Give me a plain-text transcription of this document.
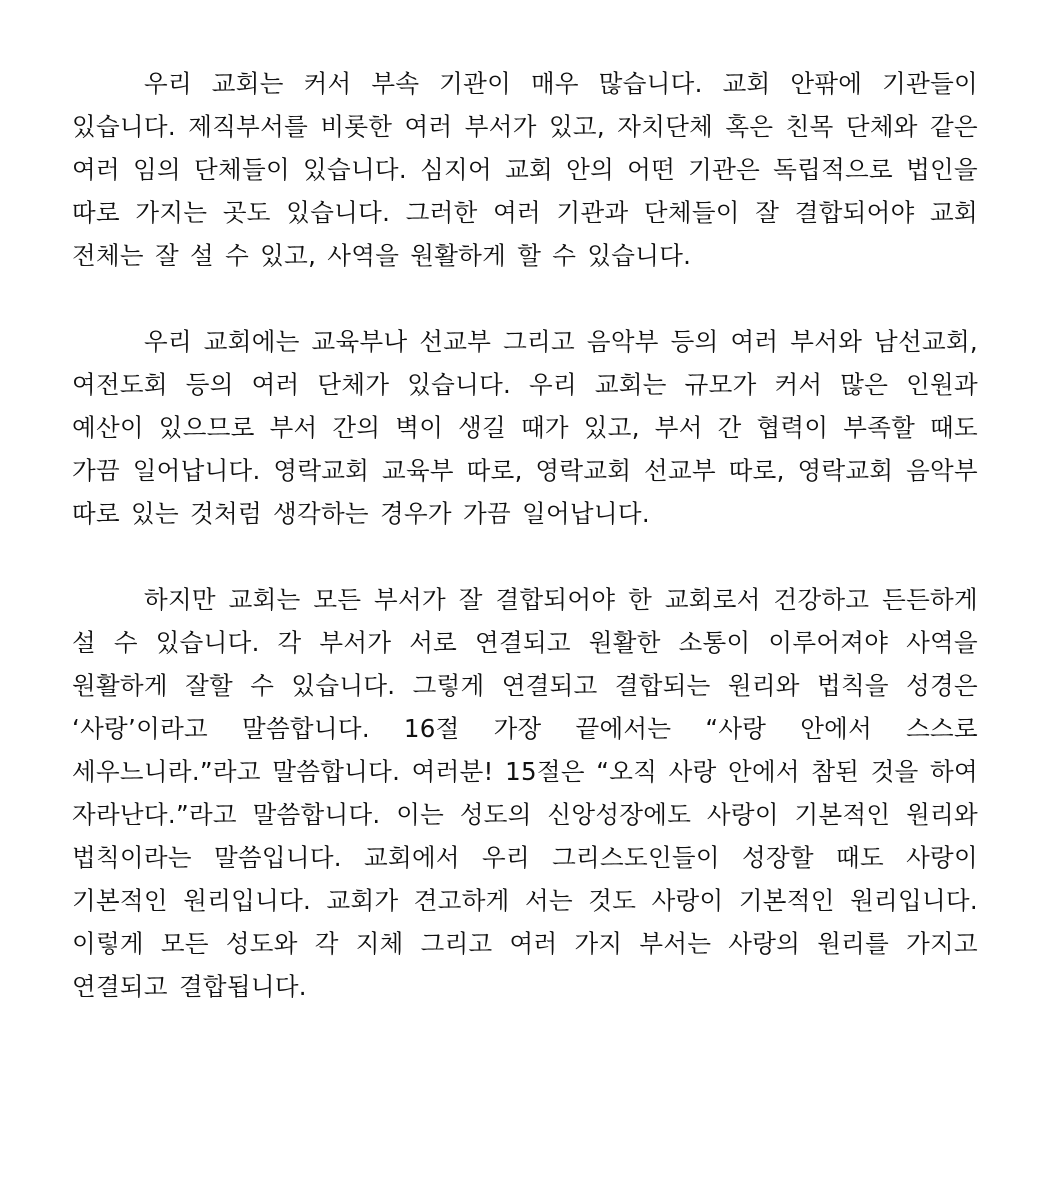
우리 교회는 커서 부속 기관이 매우 많습니다. 교회 안팎에 기관들이 있습니다. 제직부서를 비롯한 여러 부서가 있고, 자치단체 혹은 친목 단체와 같은 여러 임의 단체들이 있습니다. 심지어 교회 안의 어떤 기관은 독립적으로 법인을 따로 가지는 곳도 있습니다. 그러한 여러 기관과 단체들이 잘 결합되어야 교회 전체는 잘 설 수 있고, 사역을 원활하게 할 수 있습니다.

우리 교회에는 교육부나 선교부 그리고 음악부 등의 여러 부서와 남선교회, 여전도회 등의 여러 단체가 있습니다. 우리 교회는 규모가 커서 많은 인원과 예산이 있으므로 부서 간의 벽이 생길 때가 있고, 부서 간 협력이 부족할 때도 가끔 일어납니다. 영락교회 교육부 따로, 영락교회 선교부 따로, 영락교회 음악부 따로 있는 것처럼 생각하는 경우가 가끔 일어납니다.

하지만 교회는 모든 부서가 잘 결합되어야 한 교회로서 건강하고 든든하게 설 수 있습니다. 각 부서가 서로 연결되고 원활한 소통이 이루어져야 사역을 원활하게 잘할 수 있습니다. 그렇게 연결되고 결합되는 원리와 법칙을 성경은 ‘사랑’이라고 말씀합니다. 16절 가장 끝에서는 “사랑 안에서 스스로 세우느니라.”라고 말씀합니다. 여러분! 15절은 “오직 사랑 안에서 참된 것을 하여 자라난다.”라고 말씀합니다. 이는 성도의 신앙성장에도 사랑이 기본적인 원리와 법칙이라는 말씀입니다. 교회에서 우리 그리스도인들이 성장할 때도 사랑이 기본적인 원리입니다. 교회가 견고하게 서는 것도 사랑이 기본적인 원리입니다. 이렇게 모든 성도와 각 지체 그리고 여러 가지 부서는 사랑의 원리를 가지고 연결되고 결합됩니다.
